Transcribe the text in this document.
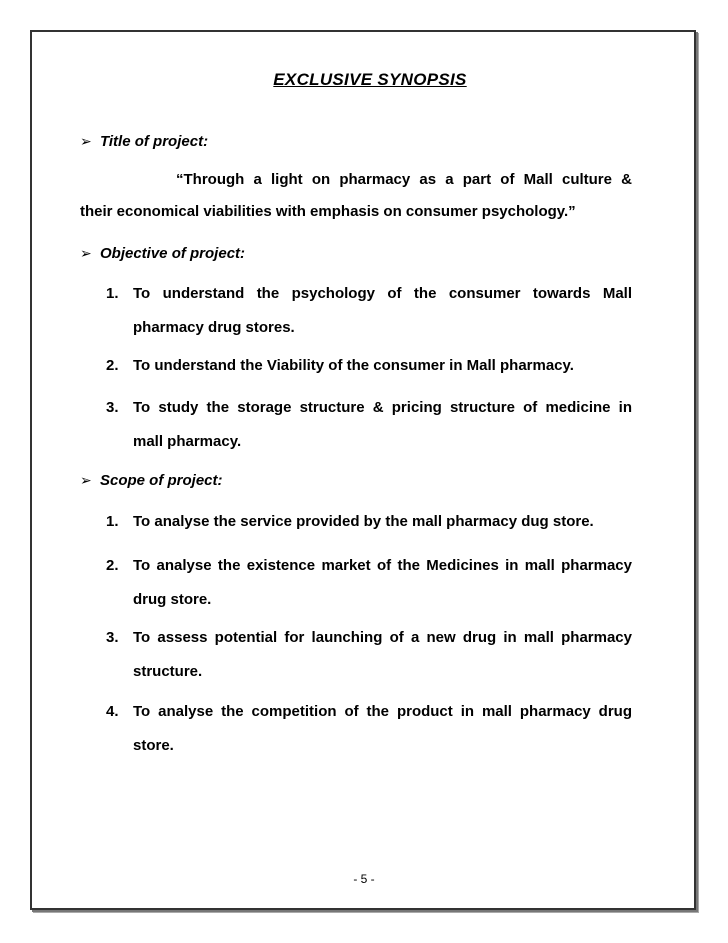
EXCLUSIVE SYNOPSIS
➢ Title of project:
“Through a light on pharmacy as a part of Mall culture &
their economical viabilities with emphasis on consumer psychology.”
➢ Objective of project:
1. To understand the psychology of the consumer towards Mall
pharmacy drug stores.
2. To understand the Viability of the consumer in Mall pharmacy.
3. To study the storage structure & pricing structure of medicine in
mall pharmacy.
➢ Scope of project:
1. To analyse the service provided by the mall pharmacy dug store.
2. To analyse the existence market of the Medicines in mall pharmacy
drug store.
3. To assess potential for launching of a new drug in mall pharmacy
structure.
4. To analyse the competition of the product in mall pharmacy drug
store.
- 5 -
